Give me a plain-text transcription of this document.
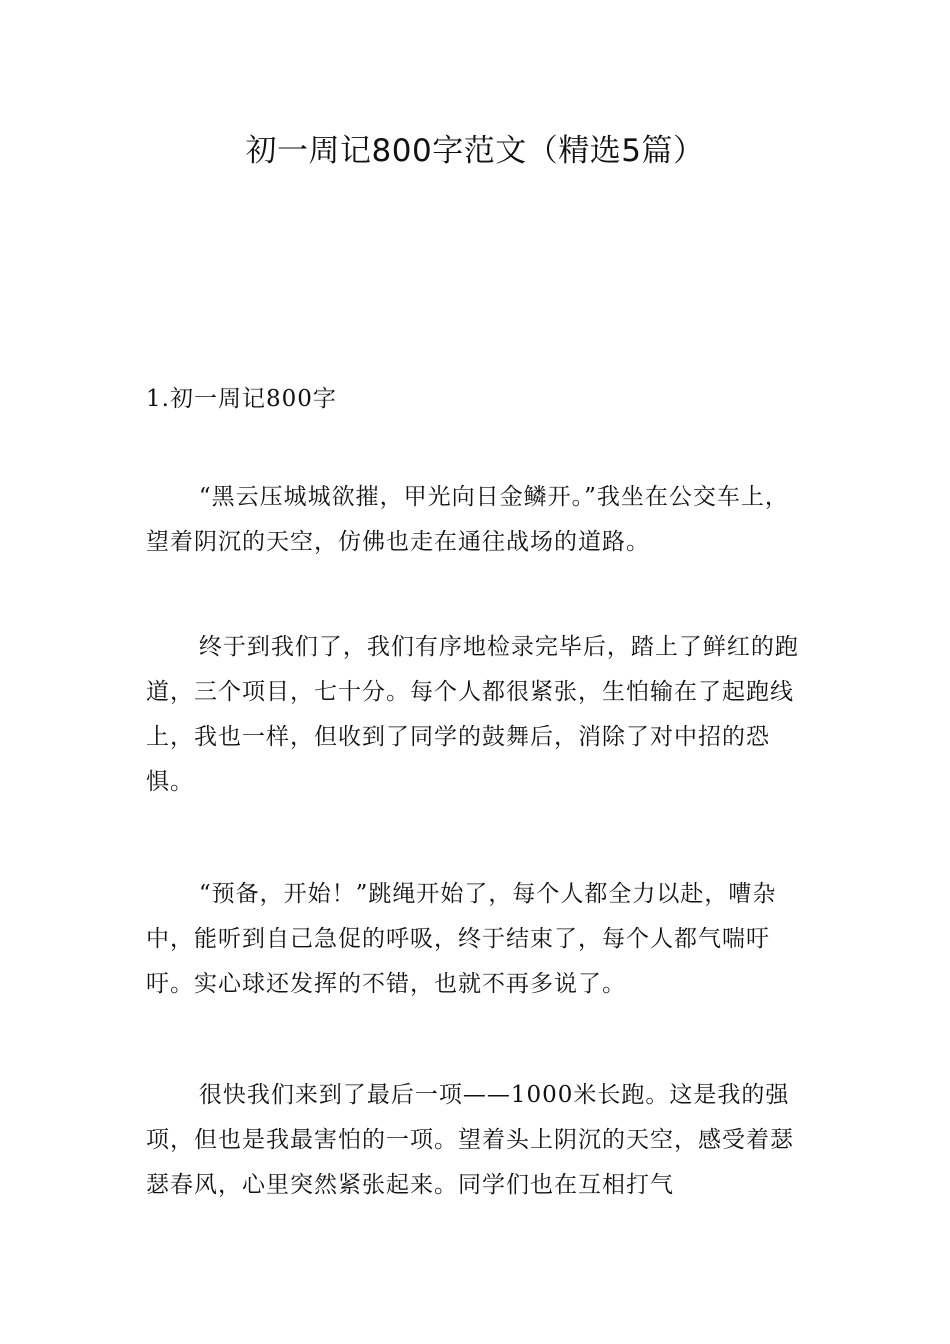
初一周记800字范文（精选5篇）

1.初一周记800字

“黑云压城城欲摧，甲光向日金鳞开。”我坐在公交车上，望着阴沉的天空，仿佛也走在通往战场的道路。

终于到我们了，我们有序地检录完毕后，踏上了鲜红的跑道，三个项目，七十分。每个人都很紧张，生怕输在了起跑线上，我也一样，但收到了同学的鼓舞后，消除了对中招的恐惧。

“预备，开始！”跳绳开始了，每个人都全力以赴，嘈杂中，能听到自己急促的呼吸，终于结束了，每个人都气喘吁吁。实心球还发挥的不错，也就不再多说了。

很快我们来到了最后一项——1000米长跑。这是我的强项，但也是我最害怕的一项。望着头上阴沉的天空，感受着瑟瑟春风，心里突然紧张起来。同学们也在互相打气
